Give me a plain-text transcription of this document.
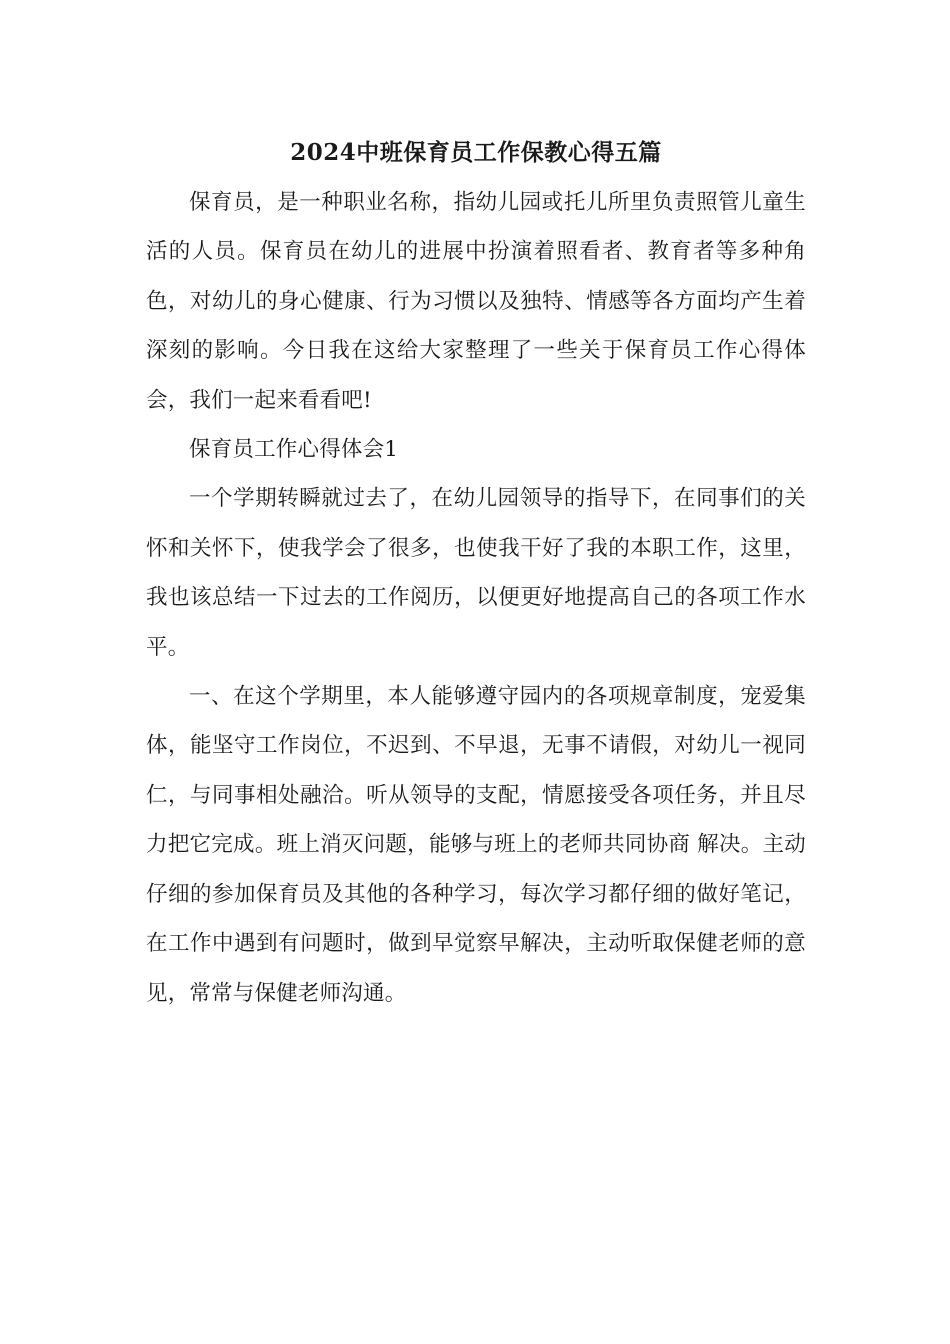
2024中班保育员工作保教心得五篇

保育员，是一种职业名称，指幼儿园或托儿所里负责照管儿童生活的人员。保育员在幼儿的进展中扮演着照看者、教育者等多种角色，对幼儿的身心健康、行为习惯以及独特、情感等各方面均产生着深刻的影响。今日我在这给大家整理了一些关于保育员工作心得体会，我们一起来看看吧!

保育员工作心得体会1

一个学期转瞬就过去了，在幼儿园领导的指导下，在同事们的关怀和关怀下，使我学会了很多，也使我干好了我的本职工作，这里，我也该总结一下过去的工作阅历，以便更好地提高自己的各项工作水平。

一、在这个学期里，本人能够遵守园内的各项规章制度，宠爱集体，能坚守工作岗位，不迟到、不早退，无事不请假，对幼儿一视同仁，与同事相处融洽。听从领导的支配，情愿接受各项任务，并且尽力把它完成。班上消灭问题，能够与班上的老师共同协商 解决。主动仔细的参加保育员及其他的各种学习，每次学习都仔细的做好笔记，在工作中遇到有问题时，做到早觉察早解决，主动听取保健老师的意见，常常与保健老师沟通。
